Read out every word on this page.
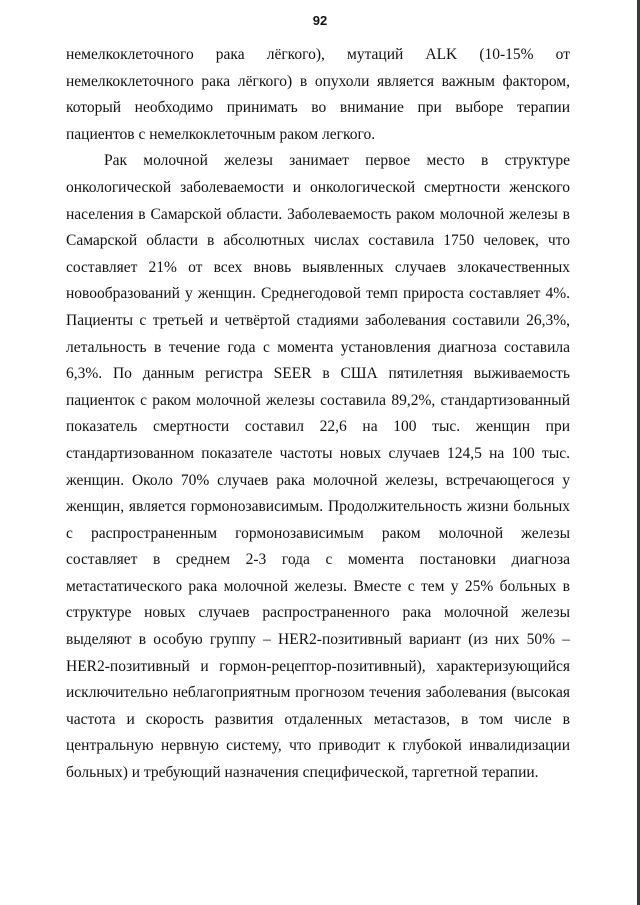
92

немелкоклеточного рака лёгкого), мутаций ALK (10-15% от немелкоклеточного рака лёгкого) в опухоли является важным фактором, который необходимо принимать во внимание при выборе терапии пациентов с немелкоклеточным раком легкого.

Рак молочной железы занимает первое место в структуре онкологической заболеваемости и онкологической смертности женского населения в Самарской области. Заболеваемость раком молочной железы в Самарской области в абсолютных числах составила 1750 человек, что составляет 21% от всех вновь выявленных случаев злокачественных новообразований у женщин. Среднегодовой темп прироста составляет 4%. Пациенты с третьей и четвёртой стадиями заболевания составили 26,3%, летальность в течение года с момента установления диагноза составила 6,3%. По данным регистра SEER в США пятилетняя выживаемость пациенток с раком молочной железы составила 89,2%, стандартизованный показатель смертности составил 22,6 на 100 тыс. женщин при стандартизованном показателе частоты новых случаев 124,5 на 100 тыс. женщин. Около 70% случаев рака молочной железы, встречающегося у женщин, является гормонозависимым. Продолжительность жизни больных с распространенным гормонозависимым раком молочной железы составляет в среднем 2-3 года с момента постановки диагноза метастатического рака молочной железы. Вместе с тем у 25% больных в структуре новых случаев распространенного рака молочной железы выделяют в особую группу – HER2-позитивный вариант (из них 50% – HER2-позитивный и гормон-рецептор-позитивный), характеризующийся исключительно неблагоприятным прогнозом течения заболевания (высокая частота и скорость развития отдаленных метастазов, в том числе в центральную нервную систему, что приводит к глубокой инвалидизации больных) и требующий назначения специфической, таргетной терапии.
